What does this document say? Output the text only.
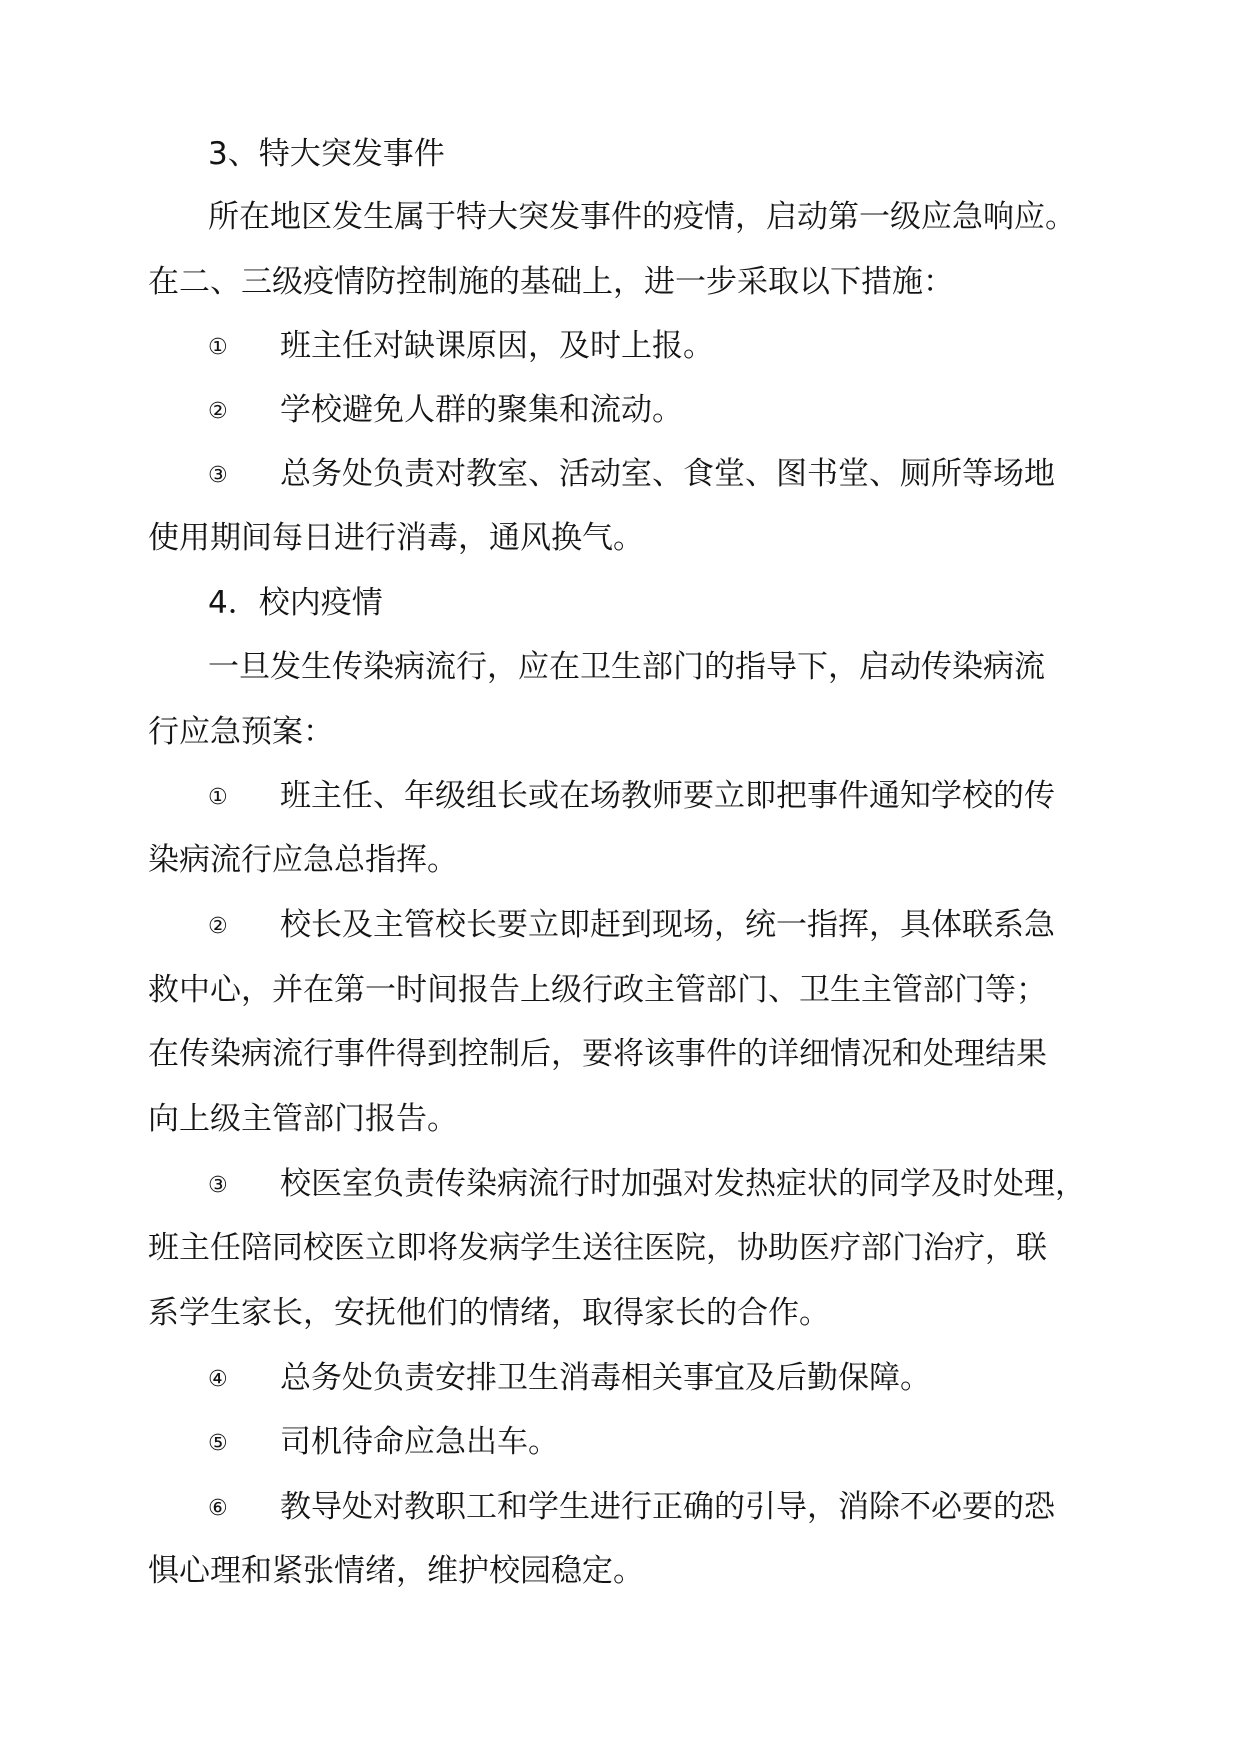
3、特大突发事件
所在地区发生属于特大突发事件的疫情，启动第一级应急响应。
在二、三级疫情防控制施的基础上，进一步采取以下措施：
① 班主任对缺课原因，及时上报。
② 学校避免人群的聚集和流动。
③ 总务处负责对教室、活动室、食堂、图书堂、厕所等场地
使用期间每日进行消毒，通风换气。
4．校内疫情
一旦发生传染病流行，应在卫生部门的指导下，启动传染病流
行应急预案：
① 班主任、年级组长或在场教师要立即把事件通知学校的传
染病流行应急总指挥。
② 校长及主管校长要立即赶到现场，统一指挥，具体联系急
救中心，并在第一时间报告上级行政主管部门、卫生主管部门等；
在传染病流行事件得到控制后，要将该事件的详细情况和处理结果
向上级主管部门报告。
③ 校医室负责传染病流行时加强对发热症状的同学及时处理，
班主任陪同校医立即将发病学生送往医院，协助医疗部门治疗，联
系学生家长，安抚他们的情绪，取得家长的合作。
④ 总务处负责安排卫生消毒相关事宜及后勤保障。
⑤ 司机待命应急出车。
⑥ 教导处对教职工和学生进行正确的引导，消除不必要的恐
惧心理和紧张情绪，维护校园稳定。
